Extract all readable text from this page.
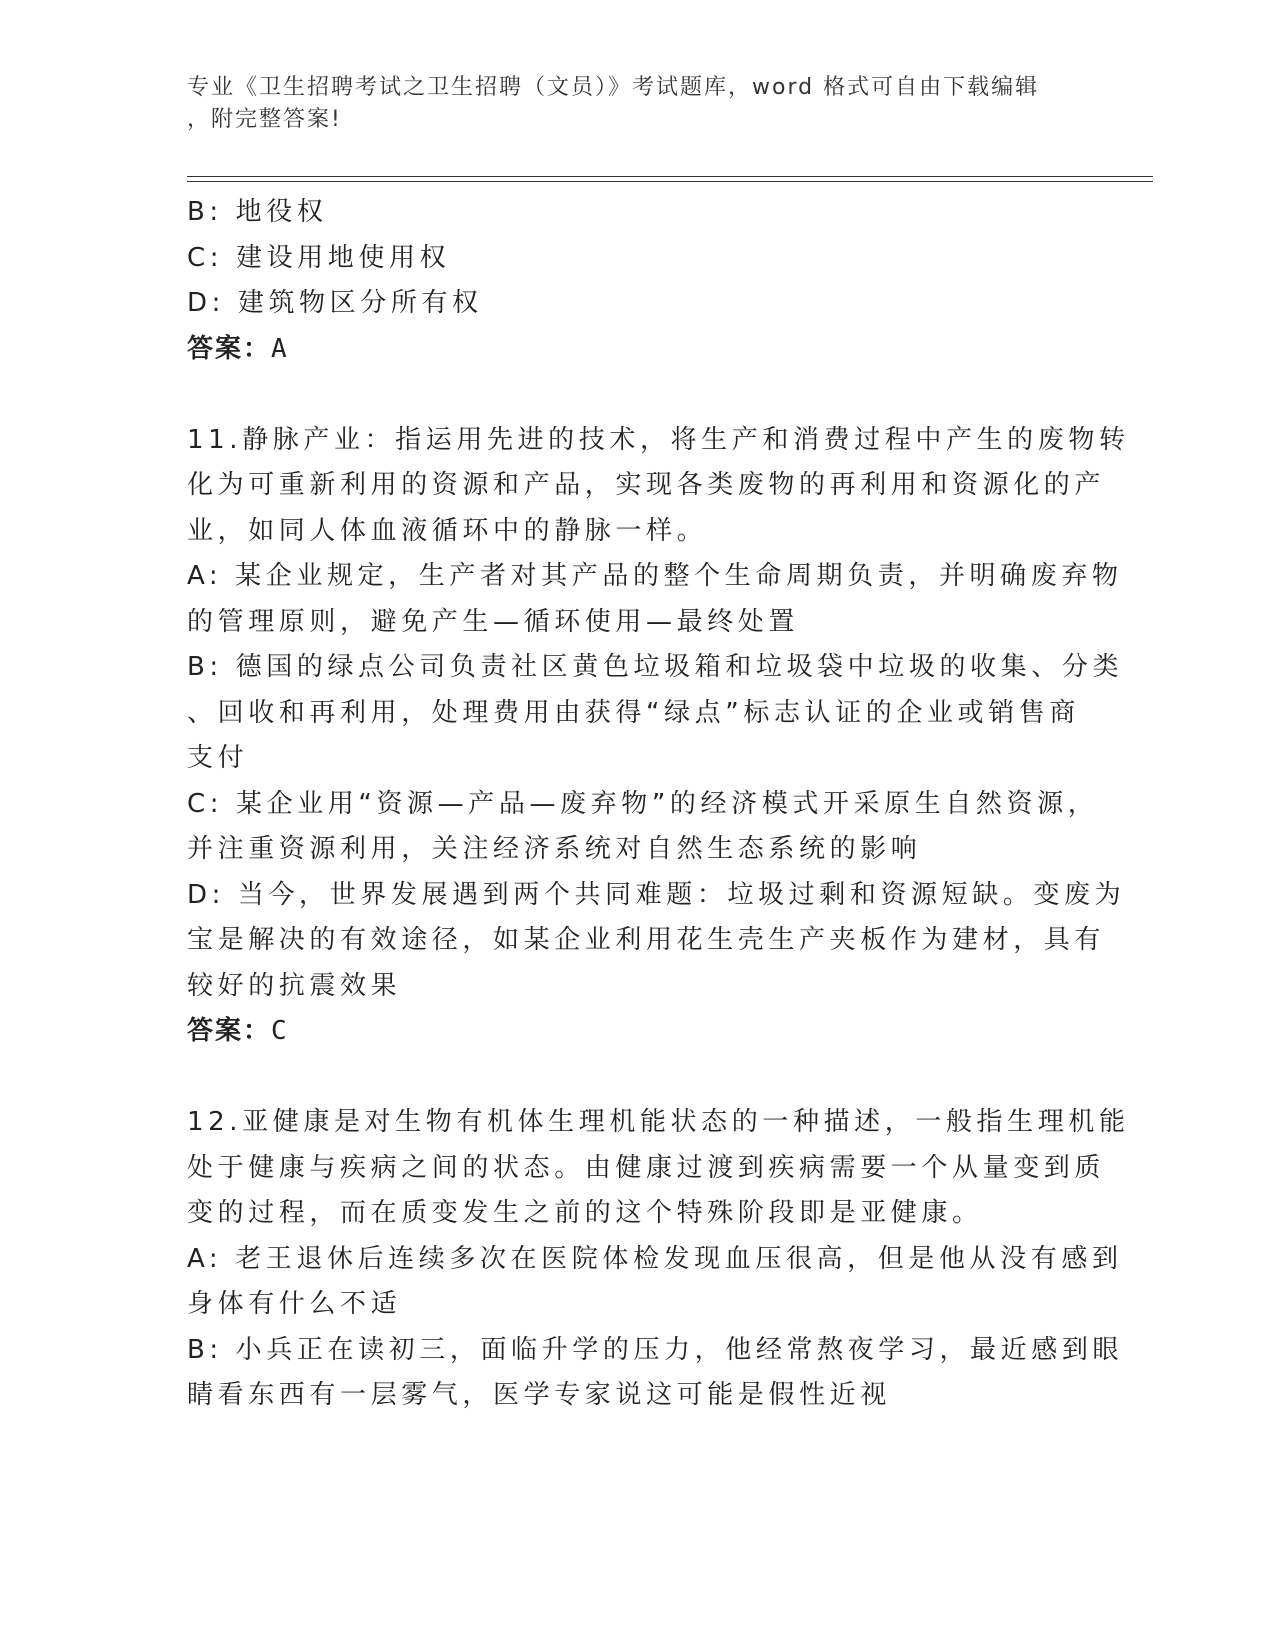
专业《卫生招聘考试之卫生招聘（文员）》考试题库，word 格式可自由下载编辑
，附完整答案!
B: 地役权
C: 建设用地使用权
D: 建筑物区分所有权
答案：A
11.静脉产业：指运用先进的技术，将生产和消费过程中产生的废物转
化为可重新利用的资源和产品，实现各类废物的再利用和资源化的产
业，如同人体血液循环中的静脉一样。
A: 某企业规定，生产者对其产品的整个生命周期负责，并明确废弃物
的管理原则，避免产生—循环使用—最终处置
B: 德国的绿点公司负责社区黄色垃圾箱和垃圾袋中垃圾的收集、分类
、回收和再利用，处理费用由获得“绿点”标志认证的企业或销售商
支付
C: 某企业用“资源—产品—废弃物”的经济模式开采原生自然资源，
并注重资源利用，关注经济系统对自然生态系统的影响
D: 当今，世界发展遇到两个共同难题：垃圾过剩和资源短缺。变废为
宝是解决的有效途径，如某企业利用花生壳生产夹板作为建材，具有
较好的抗震效果
答案：C
12.亚健康是对生物有机体生理机能状态的一种描述，一般指生理机能
处于健康与疾病之间的状态。由健康过渡到疾病需要一个从量变到质
变的过程，而在质变发生之前的这个特殊阶段即是亚健康。
A: 老王退休后连续多次在医院体检发现血压很高，但是他从没有感到
身体有什么不适
B: 小兵正在读初三，面临升学的压力，他经常熬夜学习，最近感到眼
睛看东西有一层雾气，医学专家说这可能是假性近视
